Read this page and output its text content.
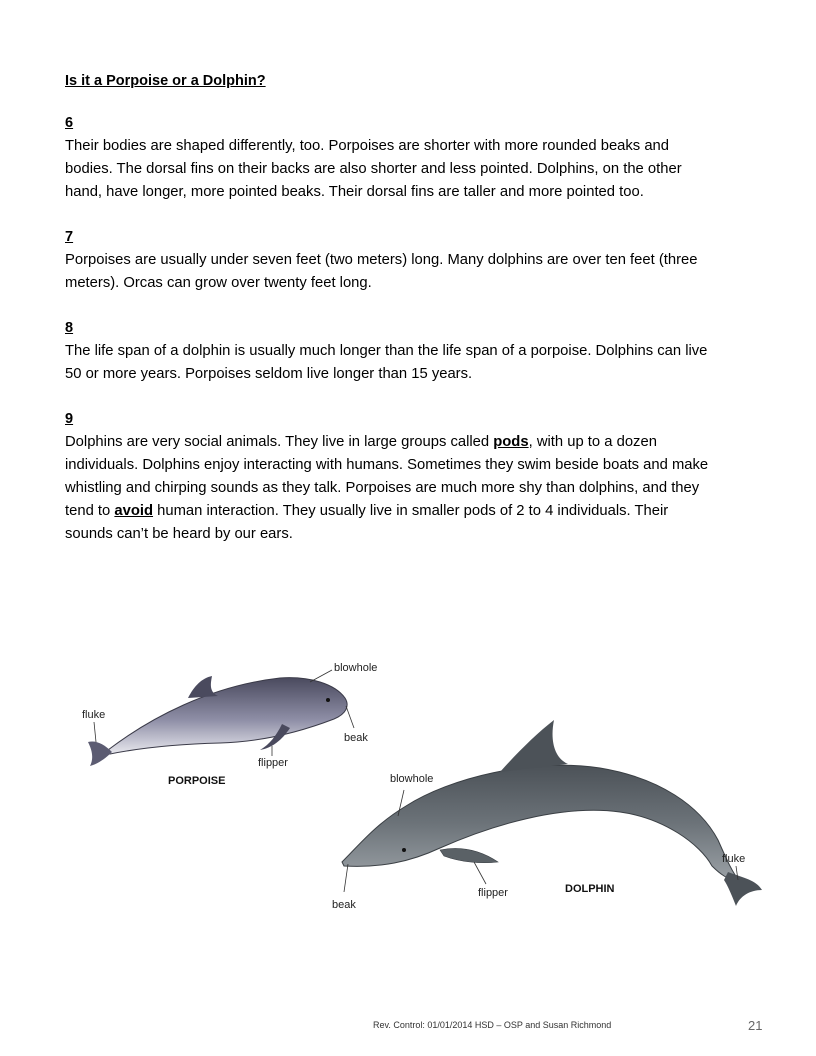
Is it a Porpoise or a Dolphin?

6

Their bodies are shaped differently, too. Porpoises are shorter with more rounded beaks and bodies. The dorsal fins on their backs are also shorter and less pointed. Dolphins, on the other hand, have longer, more pointed beaks. Their dorsal fins are taller and more pointed too.

7

Porpoises are usually under seven feet (two meters) long. Many dolphins are over ten feet (three meters). Orcas can grow over twenty feet long.

8

The life span of a dolphin is usually much longer than the life span of a porpoise. Dolphins can live 50 or more years. Porpoises seldom live longer than 15 years.

9

Dolphins are very social animals. They live in large groups called pods, with up to a dozen individuals. Dolphins enjoy interacting with humans. Sometimes they swim beside boats and make whistling and chirping sounds as they talk. Porpoises are much more shy than dolphins, and they tend to avoid human interaction. They usually live in smaller pods of 2 to 4 individuals. Their sounds can’t be heard by our ears.

blowhole
beak
fluke
flipper
PORPOISE	blowhole
beak
fluke
flipper	DOLPHIN
Rev. Control: 01/01/2014 HSD – OSP and Susan Richmond	21
